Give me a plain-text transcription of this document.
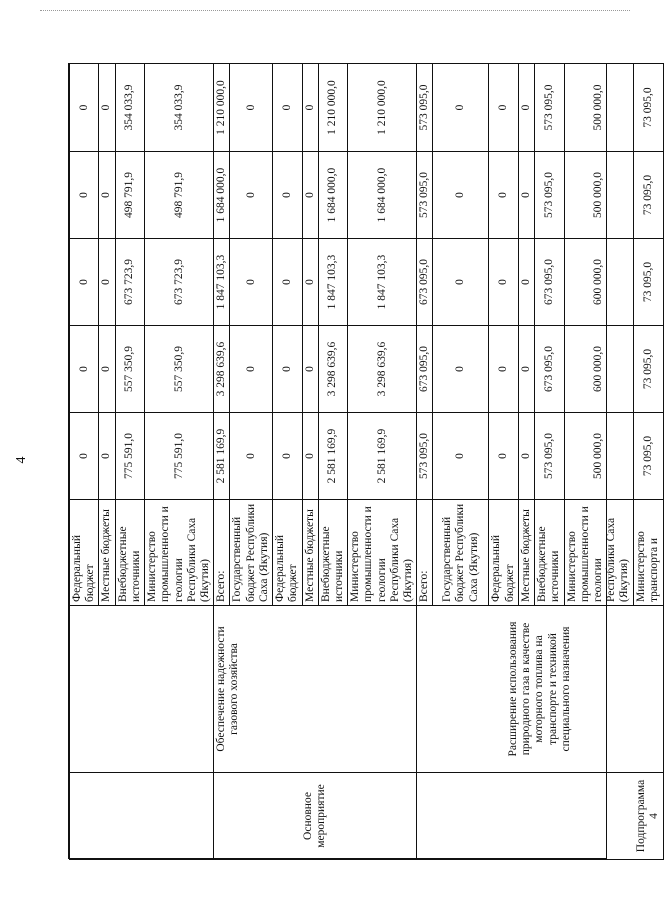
4
		Федеральный бюджет	0	0	0	0	0
		Местные бюджеты	0	0	0	0	0
		Внебюджетные источники	775 591,0	557 350,9	673 723,9	498 791,9	354 033,9
		Министерство промышленности и геологии Республики Саха (Якутия)	775 591,0	557 350,9	673 723,9	498 791,9	354 033,9
Основное мероприятие	Обеспечение надежности газового хозяйства	Всего:	2 581 169,9	3 298 639,6	1 847 103,3	1 684 000,0	1 210 000,0
		Государственный бюджет Республики Саха (Якутия)	0	0	0	0	0
		Федеральный бюджет	0	0	0	0	0
		Местные бюджеты	0	0	0	0	0
		Внебюджетные источники	2 581 169,9	3 298 639,6	1 847 103,3	1 684 000,0	1 210 000,0
		Министерство промышленности и геологии Республики Саха (Якутия)	2 581 169,9	3 298 639,6	1 847 103,3	1 684 000,0	1 210 000,0
Подпрограмма 4	Расширение использования природного газа в качестве моторного топлива на транспорте и техникой специального назначения	Всего:	573 095,0	673 095,0	673 095,0	573 095,0	573 095,0
		Государственный бюджет Республики Саха (Якутия)	0	0	0	0	0
		Федеральный бюджет	0	0	0	0	0
		Местные бюджеты	0	0	0	0	0
		Внебюджетные источники	573 095,0	673 095,0	673 095,0	573 095,0	573 095,0
		Министерство промышленности и геологии Республики Саха (Якутия)	500 000,0	600 000,0	600 000,0	500 000,0	500 000,0
		Министерство транспорта и	73 095,0	73 095,0	73 095,0	73 095,0	73 095,0
